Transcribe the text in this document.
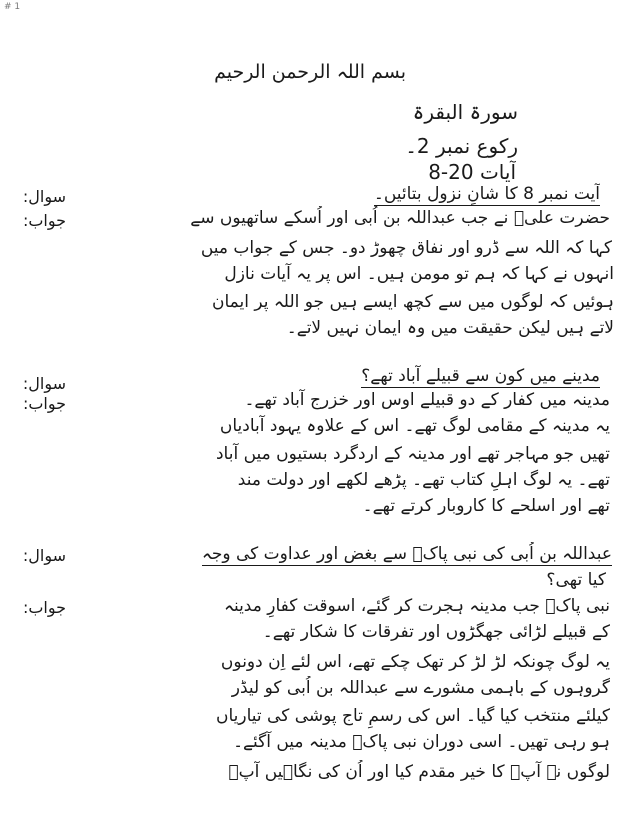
# 1
بسم اللہ الرحمن الرحیم
سورۃ البقرۃ
رکوع نمبر 2۔
آیات 20-8
سوال:	آیت نمبر 8 کا شانِ نزول بتائیں۔
جواب:	حضرت علیؓ نے جب عبداللہ بن اُبی اور اُسکے ساتھیوں سے
کہا کہ اللہ سے ڈرو اور نفاق چھوڑ دو۔ جس کے جواب میں
انہوں نے کہا کہ ہم تو مومن ہیں۔ اس پر یہ آیات نازل
ہوئیں کہ لوگوں میں سے کچھ ایسے ہیں جو اللہ پر ایمان
لاتے ہیں لیکن حقیقت میں وہ ایمان نہیں لاتے۔
سوال:	مدینے میں کون سے قبیلے آباد تھے؟
جواب:	مدینہ میں کفار کے دو قبیلے اوس اور خزرج آباد تھے۔
یہ مدینہ کے مقامی لوگ تھے۔ اس کے علاوہ یہود آبادیاں
تھیں جو مہاجر تھے اور مدینہ کے اردگرد بستیوں میں آباد
تھے۔ یہ لوگ اہلِ کتاب تھے۔ پڑھے لکھے اور دولت مند
تھے اور اسلحے کا کاروبار کرتے تھے۔
سوال:	عبداللہ بن اُبی کی نبی پاکؐ سے بغض اور عداوت کی وجہ
کیا تھی؟
جواب:	نبی پاکؐ جب مدینہ ہجرت کر گئے، اسوقت کفارِ مدینہ
کے قبیلے لڑائی جھگڑوں اور تفرقات کا شکار تھے۔
یہ لوگ چونکہ لڑ لڑ کر تھک چکے تھے، اس لئے اِن دونوں
گروہوں کے باہمی مشورے سے عبداللہ بن اُبی کو لیڈر
کیلئے منتخب کیا گیا۔ اس کی رسمِ تاج پوشی کی تیاریاں
ہو رہی تھیں۔ اسی دوران نبی پاکؐ مدینہ میں آگئے۔
لوگوں نے آپؐ کا خیر مقدم کیا اور اُن کی نگاہیں آپؐ
